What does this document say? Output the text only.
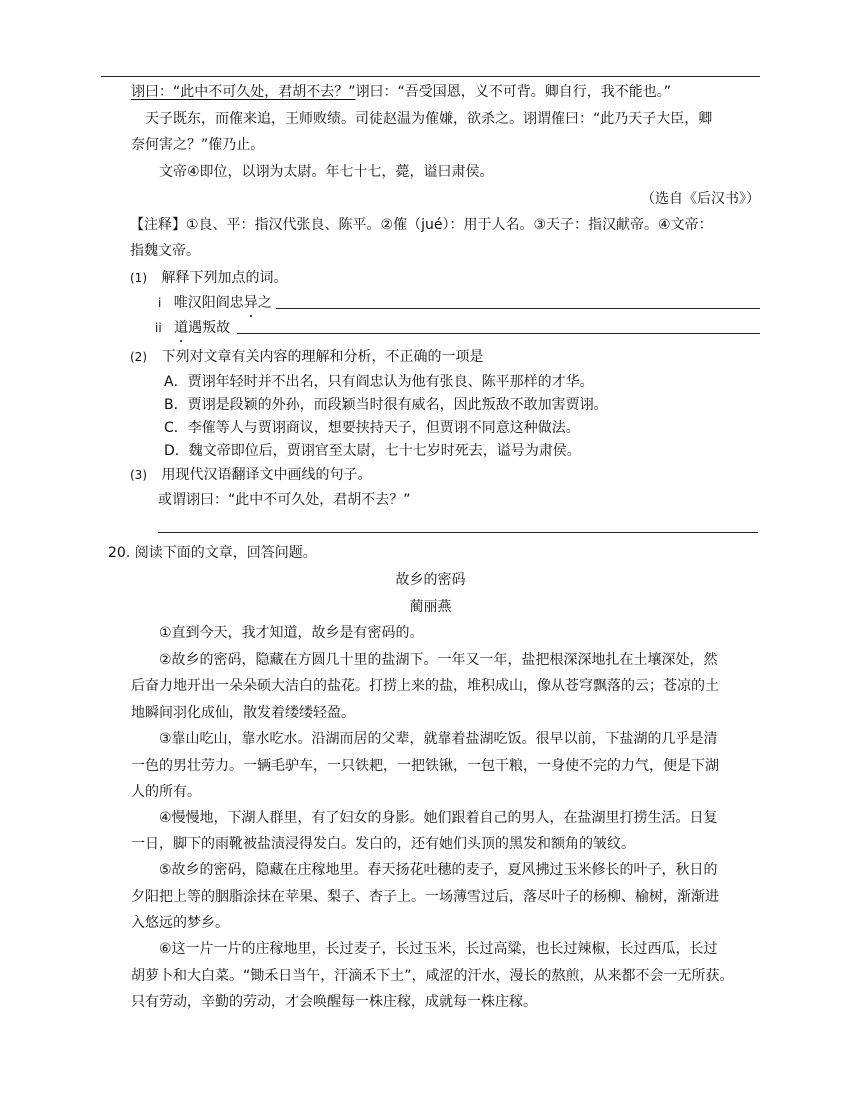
诩曰：“此中不可久处，君胡不去？”诩曰：“吾受国恩，义不可背。卿自行，我不能也。”
天子既东，而傕来追，王师败绩。司徒赵温为傕嫌，欲杀之。诩谓傕曰：“此乃天子大臣，卿
奈何害之？”傕乃止。
文帝④即位，以诩为太尉。年七十七，薨，谥曰肃侯。
（选自《后汉书》）
【注释】①良、平：指汉代张良、陈平。②傕（jué）：用于人名。③天子：指汉献帝。④文帝：
指魏文帝。
(1) 解释下列加点的词。
i 唯汉阳阎忠异之
ii 道遇叛故
(2) 下列对文章有关内容的理解和分析，不正确的一项是
A．贾诩年轻时并不出名，只有阎忠认为他有张良、陈平那样的才华。
B．贾诩是段颖的外孙，而段颖当时很有威名，因此叛敌不敢加害贾诩。
C．李傕等人与贾诩商议，想要挟持天子，但贾诩不同意这种做法。
D．魏文帝即位后，贾诩官至太尉，七十七岁时死去，谥号为肃侯。
(3) 用现代汉语翻译文中画线的句子。
或谓诩曰：“此中不可久处，君胡不去？”
20. 阅读下面的文章，回答问题。
故乡的密码
蔺丽燕
①直到今天，我才知道，故乡是有密码的。
②故乡的密码，隐藏在方圆几十里的盐湖下。一年又一年，盐把根深深地扎在土壤深处，然
后奋力地开出一朵朵硕大洁白的盐花。打捞上来的盐，堆积成山，像从苍穹飘落的云；苍凉的土
地瞬间羽化成仙，散发着缕缕轻盈。
③靠山吃山，靠水吃水。沿湖而居的父辈，就靠着盐湖吃饭。很早以前，下盐湖的几乎是清
一色的男壮劳力。一辆毛驴车，一只铁耙，一把铁锹，一包干粮，一身使不完的力气，便是下湖
人的所有。
④慢慢地，下湖人群里，有了妇女的身影。她们跟着自己的男人，在盐湖里打捞生活。日复
一日，脚下的雨靴被盐渍浸得发白。发白的，还有她们头顶的黑发和额角的皱纹。
⑤故乡的密码，隐藏在庄稼地里。春天扬花吐穗的麦子，夏风拂过玉米修长的叶子，秋日的
夕阳把上等的胭脂涂抹在苹果、梨子、杏子上。一场薄雪过后，落尽叶子的杨柳、榆树，渐渐进
入悠远的梦乡。
⑥这一片一片的庄稼地里，长过麦子，长过玉米，长过高粱，也长过辣椒，长过西瓜，长过
胡萝卜和大白菜。“锄禾日当午，汗滴禾下土”，咸涩的汗水，漫长的熬煎，从来都不会一无所获。
只有劳动，辛勤的劳动，才会唤醒每一株庄稼，成就每一株庄稼。
